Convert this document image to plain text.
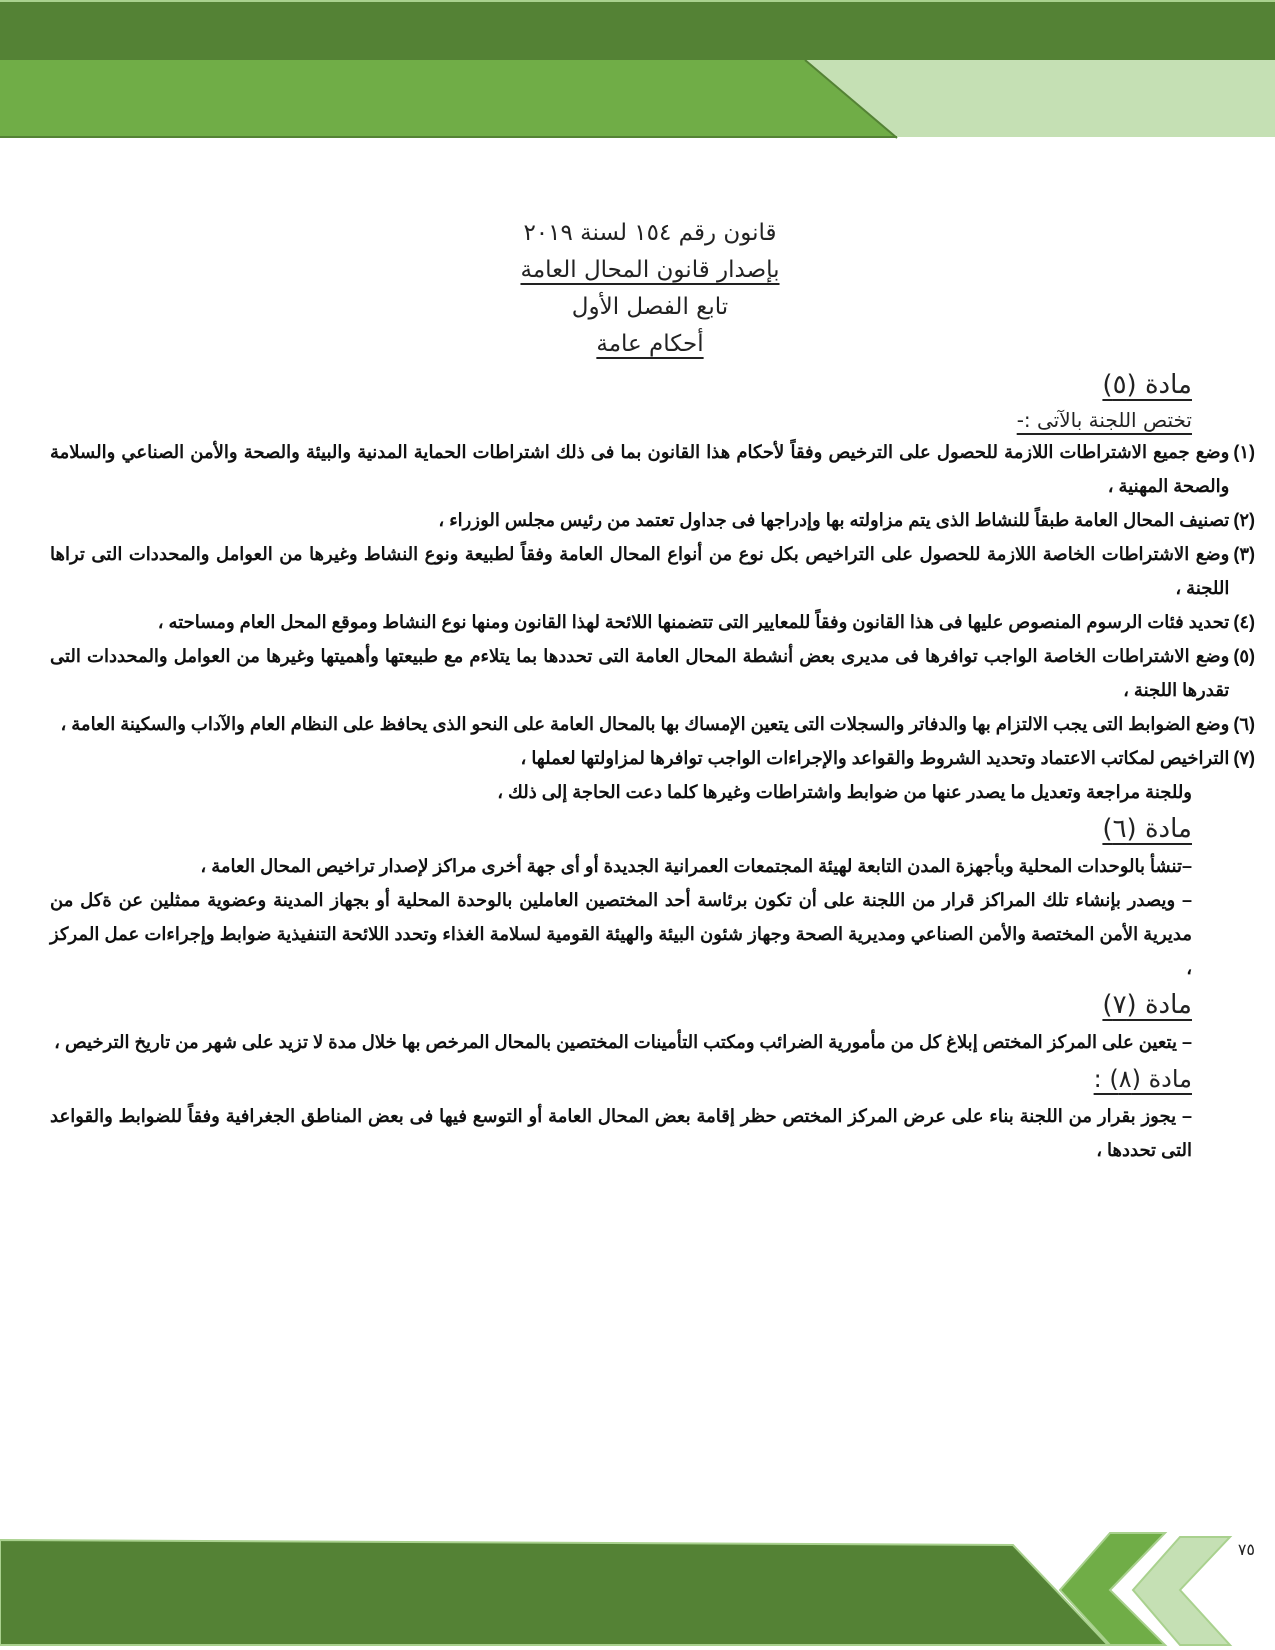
قانون رقم ١٥٤ لسنة ٢٠١٩
بإصدار قانون المحال العامة
تابع الفصل الأول
أحكام عامة
مادة (٥)
تختص اللجنة بالآتى :-
(١)
وضع جميع الاشتراطات اللازمة للحصول على الترخيص وفقاً لأحكام هذا القانون بما فى ذلك اشتراطات الحماية المدنية والبيئة والصحة والأمن الصناعي والسلامة والصحة المهنية ،
(٢)
تصنيف المحال العامة طبقاً للنشاط الذى يتم مزاولته بها وإدراجها فى جداول تعتمد من رئيس مجلس الوزراء ،
(٣)
وضع الاشتراطات الخاصة اللازمة للحصول على التراخيص بكل نوع من أنواع المحال العامة وفقاً لطبيعة ونوع النشاط وغيرها من العوامل والمحددات التى تراها اللجنة ،
(٤)
تحديد فئات الرسوم المنصوص عليها فى هذا القانون وفقاً للمعايير التى تتضمنها اللائحة لهذا القانون ومنها نوع النشاط وموقع المحل العام ومساحته ،
(٥)
وضع الاشتراطات الخاصة الواجب توافرها فى مديرى بعض أنشطة المحال العامة التى تحددها بما يتلاءم مع طبيعتها وأهميتها وغيرها من العوامل والمحددات التى تقدرها اللجنة ،
(٦)
وضع الضوابط التى يجب الالتزام بها والدفاتر والسجلات التى يتعين الإمساك بها بالمحال العامة على النحو الذى يحافظ على النظام العام والآداب والسكينة العامة ،
(٧)
التراخيص لمكاتب الاعتماد وتحديد الشروط والقواعد والإجراءات الواجب توافرها لمزاولتها لعملها ،
وللجنة مراجعة وتعديل ما يصدر عنها من ضوابط واشتراطات وغيرها كلما دعت الحاجة إلى ذلك ،
مادة (٦)
–تنشأ بالوحدات المحلية وبأجهزة المدن التابعة لهيئة المجتمعات العمرانية الجديدة أو أى جهة أخرى مراكز لإصدار تراخيص المحال العامة ،
– ويصدر بإنشاء تلك المراكز قرار من اللجنة على أن تكون برئاسة أحد المختصين العاملين بالوحدة المحلية أو بجهاز المدينة وعضوية ممثلين عن ةكل من مديرية الأمن المختصة والأمن الصناعي ومديرية الصحة وجهاز شئون البيئة والهيئة القومية لسلامة الغذاء وتحدد اللائحة التنفيذية ضوابط وإجراءات عمل المركز ،
مادة (٧)
– يتعين على المركز المختص إبلاغ كل من مأمورية الضرائب ومكتب التأمينات المختصين بالمحال المرخص بها خلال مدة لا تزيد على شهر من تاريخ الترخيص ،
مادة (٨) :
– يجوز بقرار من اللجنة بناء على عرض المركز المختص حظر إقامة بعض المحال العامة أو التوسع فيها فى بعض المناطق الجغرافية وفقاً للضوابط والقواعد التى تحددها ،
٧٥
